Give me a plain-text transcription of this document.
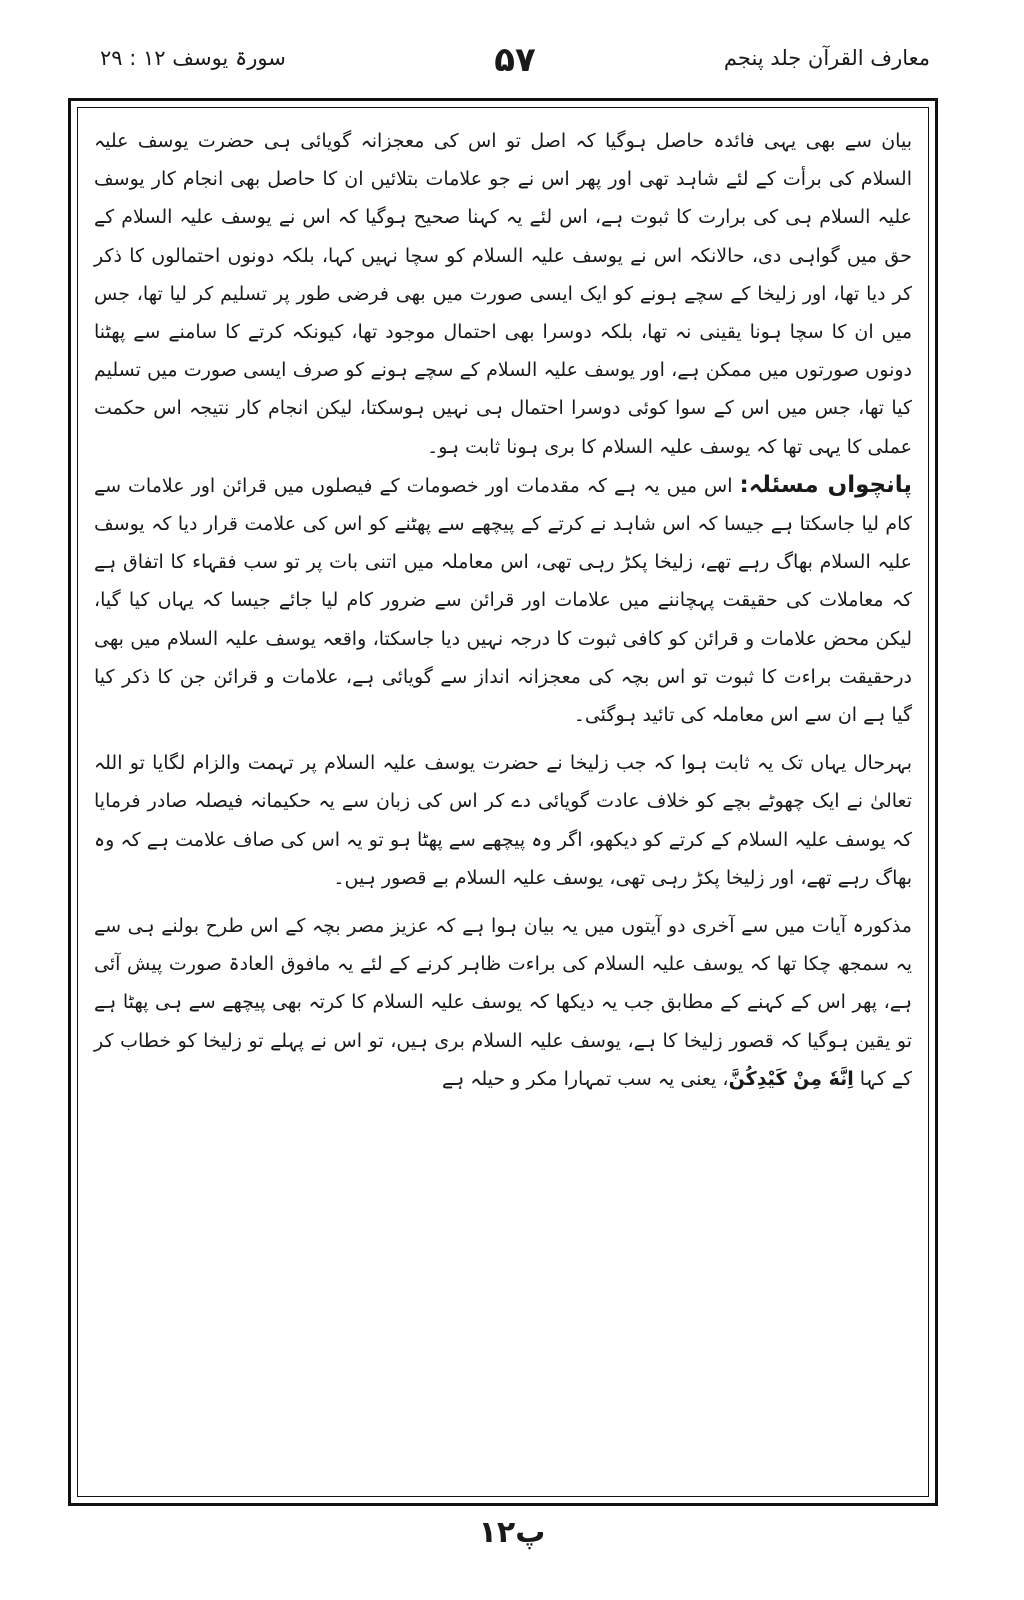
معارف القرآن جلد پنجم
۵۷
سورۃ یوسف ۱۲ : ۲۹

بیان سے بھی یہی فائدہ حاصل ہوگیا کہ اصل تو اس کی معجزانہ گویائی ہی حضرت یوسف علیہ السلام کی برأت کے لئے شاہد تھی اور پھر اس نے جو علامات بتلائیں ان کا حاصل بھی انجام کار یوسف علیہ السلام ہی کی برارت کا ثبوت ہے، اس لئے یہ کہنا صحیح ہوگیا کہ اس نے یوسف علیہ السلام کے حق میں گواہی دی، حالانکہ اس نے یوسف علیہ السلام کو سچا نہیں کہا، بلکہ دونوں احتمالوں کا ذکر کر دیا تھا، اور زلیخا کے سچے ہونے کو ایک ایسی صورت میں بھی فرضی طور پر تسلیم کر لیا تھا، جس میں ان کا سچا ہونا یقینی نہ تھا، بلکہ دوسرا بھی احتمال موجود تھا، کیونکہ کرتے کا سامنے سے پھٹنا دونوں صورتوں میں ممکن ہے، اور یوسف علیہ السلام کے سچے ہونے کو صرف ایسی صورت میں تسلیم کیا تھا، جس میں اس کے سوا کوئی دوسرا احتمال ہی نہیں ہوسکتا، لیکن انجام کار نتیجہ اس حکمت عملی کا یہی تھا کہ یوسف علیہ السلام کا بری ہونا ثابت ہو۔

پانچواں مسئلہ: اس میں یہ ہے کہ مقدمات اور خصومات کے فیصلوں میں قرائن اور علامات سے کام لیا جاسکتا ہے جیسا کہ اس شاہد نے کرتے کے پیچھے سے پھٹنے کو اس کی علامت قرار دیا کہ یوسف علیہ السلام بھاگ رہے تھے، زلیخا پکڑ رہی تھی، اس معاملہ میں اتنی بات پر تو سب فقہاء کا اتفاق ہے کہ معاملات کی حقیقت پہچاننے میں علامات اور قرائن سے ضرور کام لیا جائے جیسا کہ یہاں کیا گیا، لیکن محض علامات و قرائن کو کافی ثبوت کا درجہ نہیں دیا جاسکتا، واقعہ یوسف علیہ السلام میں بھی درحقیقت براءت کا ثبوت تو اس بچہ کی معجزانہ انداز سے گویائی ہے، علامات و قرائن جن کا ذکر کیا گیا ہے ان سے اس معاملہ کی تائید ہوگئی۔

بہرحال یہاں تک یہ ثابت ہوا کہ جب زلیخا نے حضرت یوسف علیہ السلام پر تہمت والزام لگایا تو اللہ تعالیٰ نے ایک چھوٹے بچے کو خلاف عادت گویائی دے کر اس کی زبان سے یہ حکیمانہ فیصلہ صادر فرمایا کہ یوسف علیہ السلام کے کرتے کو دیکھو، اگر وہ پیچھے سے پھٹا ہو تو یہ اس کی صاف علامت ہے کہ وہ بھاگ رہے تھے، اور زلیخا پکڑ رہی تھی، یوسف علیہ السلام بے قصور ہیں۔

مذکورہ آیات میں سے آخری دو آیتوں میں یہ بیان ہوا ہے کہ عزیز مصر بچہ کے اس طرح بولنے ہی سے یہ سمجھ چکا تھا کہ یوسف علیہ السلام کی براءت ظاہر کرنے کے لئے یہ مافوق العادۃ صورت پیش آئی ہے، پھر اس کے کہنے کے مطابق جب یہ دیکھا کہ یوسف علیہ السلام کا کرتہ بھی پیچھے سے ہی پھٹا ہے تو یقین ہوگیا کہ قصور زلیخا کا ہے، یوسف علیہ السلام بری ہیں، تو اس نے پہلے تو زلیخا کو خطاب کر کے کہا اِنَّهٗ مِنْ كَيْدِكُنَّ، یعنی یہ سب تمہارا مکر و حیلہ ہے

۱۲پ
